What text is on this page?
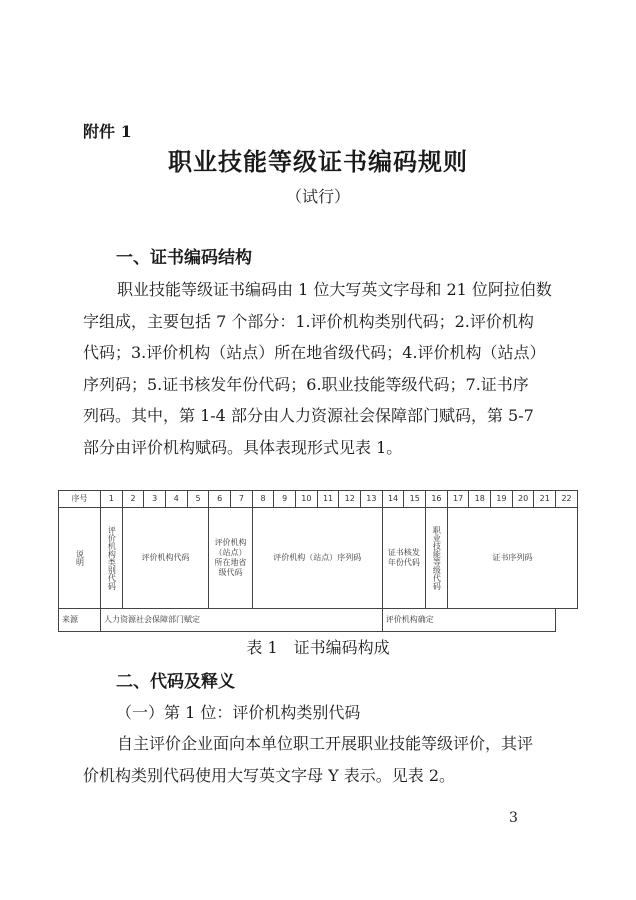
附件 1
职业技能等级证书编码规则
（试行）
一、证书编码结构
职业技能等级证书编码由 1 位大写英文字母和 21 位阿拉伯数
字组成，主要包括 7 个部分：1.评价机构类别代码；2.评价机构
代码；3.评价机构（站点）所在地省级代码；4.评价机构（站点）
序列码；5.证书核发年份代码；6.职业技能等级代码；7.证书序
列码。其中，第 1-4 部分由人力资源社会保障部门赋码，第 5-7
部分由评价机构赋码。具体表现形式见表 1。
序号	1	2	3	4	5	6	7	8	9	10	11	12	13	14	15	16	17	18	19	20	21	22

说明	评价机构类别代码	评价机构代码				评价机构（站点）所在地省级代码		评价机构（站点）序列码						证书核发年份代码		职业技能等级代码	证书序列码					
来源	人力资源社会保障部门赋定													评价机构确定								
表 1　证书编码构成
二、代码及释义
（一）第 1 位：评价机构类别代码
自主评价企业面向本单位职工开展职业技能等级评价，其评
价机构类别代码使用大写英文字母 Y 表示。见表 2。
3
